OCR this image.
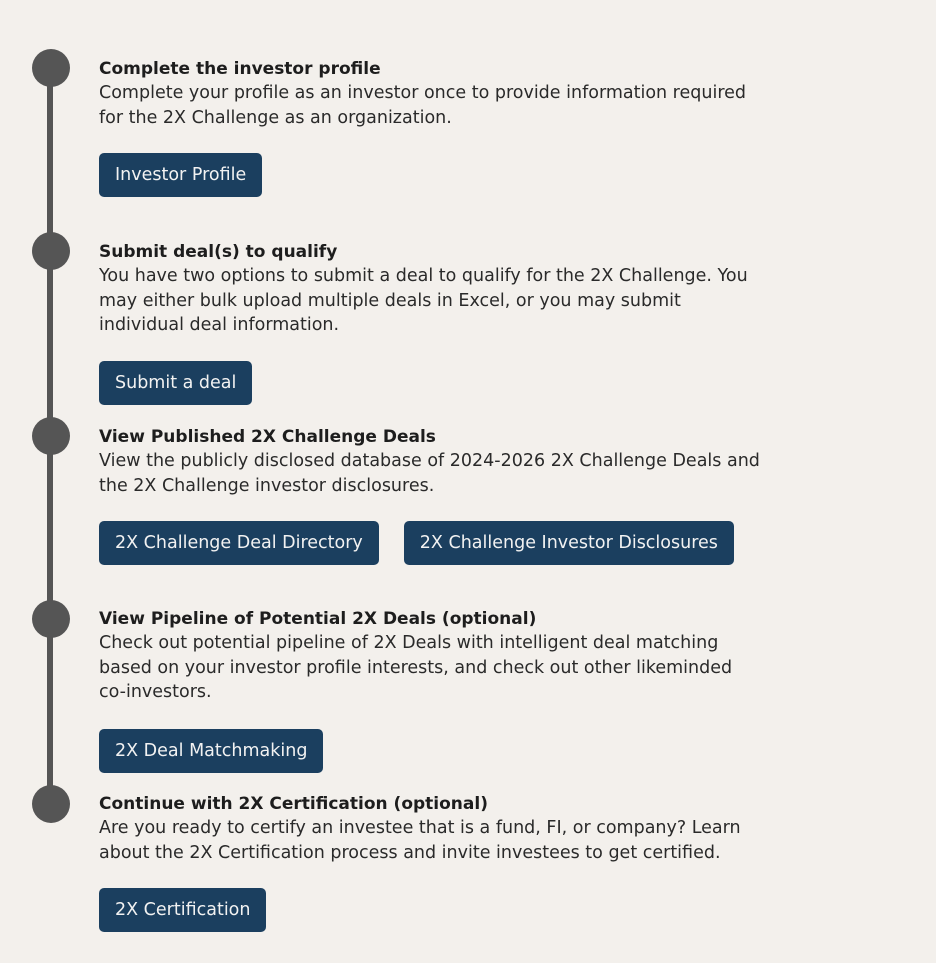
Complete the investor profile

Complete your profile as an investor once to provide information required
for the 2X Challenge as an organization.

Investor Profile
Submit deal(s) to qualify

You have two options to submit a deal to qualify for the 2X Challenge. You
may either bulk upload multiple deals in Excel, or you may submit
individual deal information.

Submit a deal
View Published 2X Challenge Deals

View the publicly disclosed database of 2024-2026 2X Challenge Deals and
the 2X Challenge investor disclosures.

2X Challenge Deal Directory	2X Challenge Investor Disclosures
View Pipeline of Potential 2X Deals (optional)

Check out potential pipeline of 2X Deals with intelligent deal matching
based on your investor profile interests, and check out other likeminded
co-investors.

2X Deal Matchmaking
Continue with 2X Certification (optional)

Are you ready to certify an investee that is a fund, FI, or company? Learn
about the 2X Certification process and invite investees to get certified.

2X Certification
